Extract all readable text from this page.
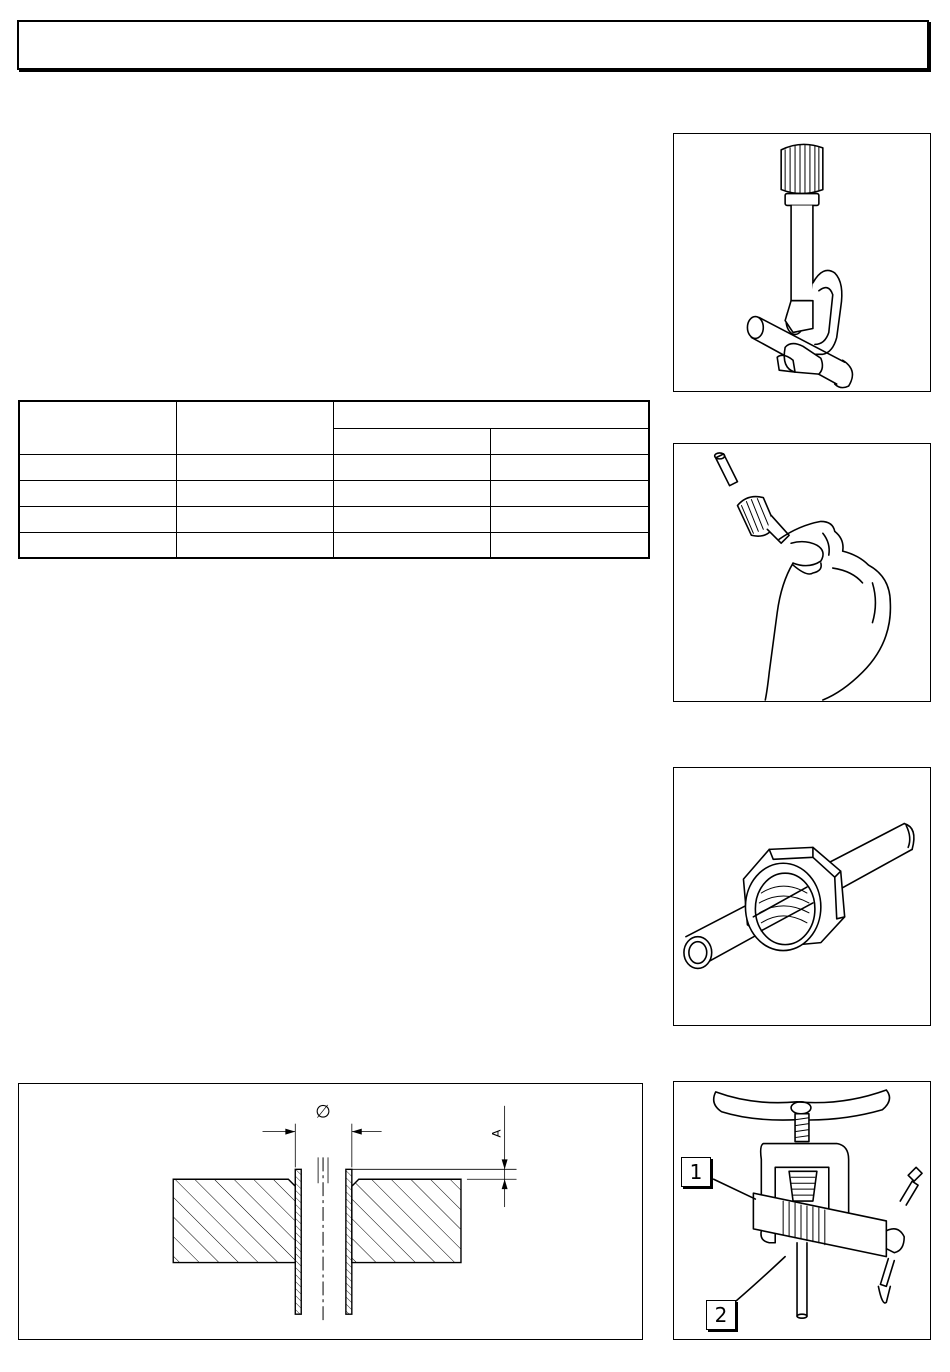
1
2
∅
A
